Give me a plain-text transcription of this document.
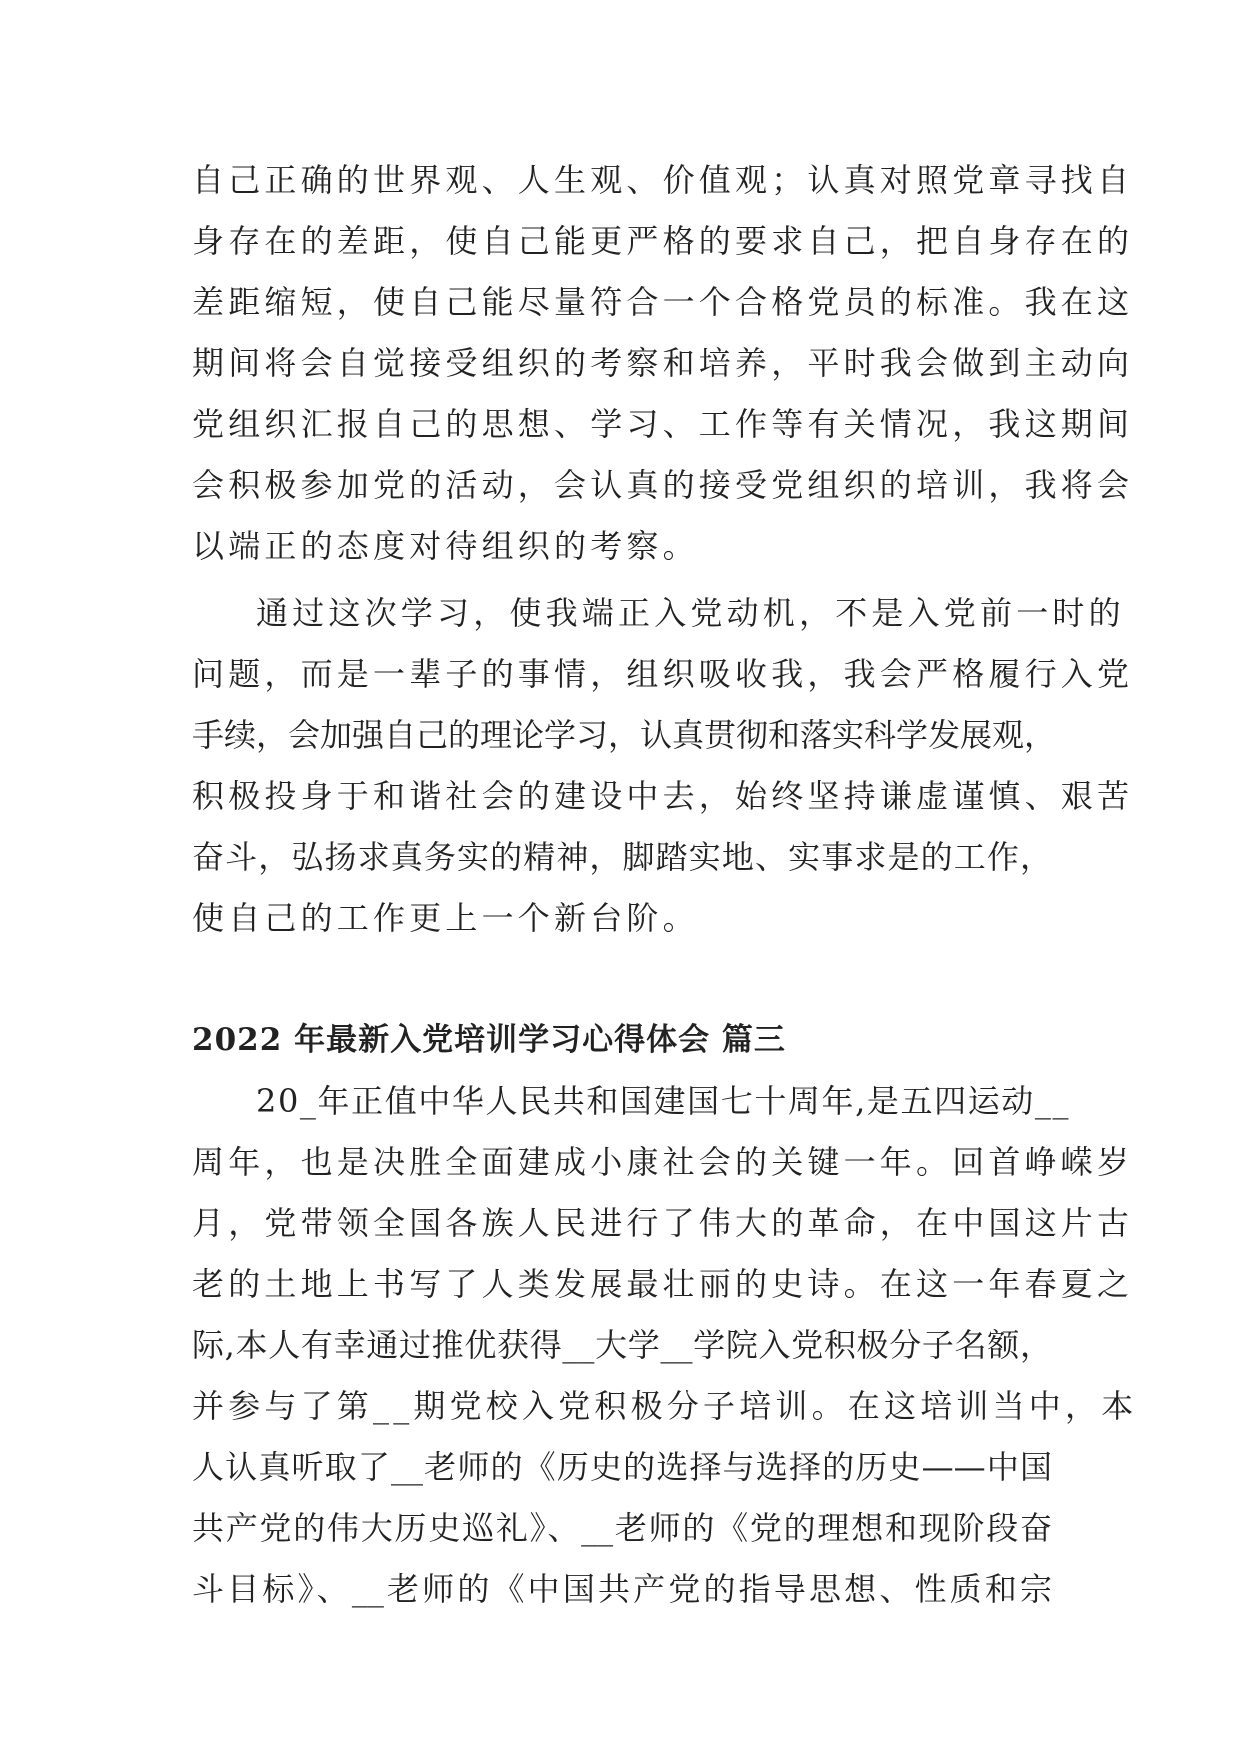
自己正确的世界观、人生观、价值观；认真对照党章寻找自

身存在的差距，使自己能更严格的要求自己，把自身存在的

差距缩短，使自己能尽量符合一个合格党员的标准。我在这

期间将会自觉接受组织的考察和培养，平时我会做到主动向

党组织汇报自己的思想、学习、工作等有关情况，我这期间

会积极参加党的活动，会认真的接受党组织的培训，我将会

以端正的态度对待组织的考察。

通过这次学习，使我端正入党动机，不是入党前一时的

问题，而是一辈子的事情，组织吸收我，我会严格履行入党

手续，会加强自己的理论学习，认真贯彻和落实科学发展观，

积极投身于和谐社会的建设中去，始终坚持谦虚谨慎、艰苦

奋斗，弘扬求真务实的精神，脚踏实地、实事求是的工作，

使自己的工作更上一个新台阶。

2022 年最新入党培训学习心得体会 篇三

20_年正值中华人民共和国建国七十周年,是五四运动__

周年，也是决胜全面建成小康社会的关键一年。回首峥嵘岁

月，党带领全国各族人民进行了伟大的革命，在中国这片古

老的土地上书写了人类发展最壮丽的史诗。在这一年春夏之

际,本人有幸通过推优获得__大学__学院入党积极分子名额，

并参与了第__期党校入党积极分子培训。在这培训当中，本

人认真听取了__老师的《历史的选择与选择的历史——中国

共产党的伟大历史巡礼》、__老师的《党的理想和现阶段奋

斗目标》、__老师的《中国共产党的指导思想、性质和宗
